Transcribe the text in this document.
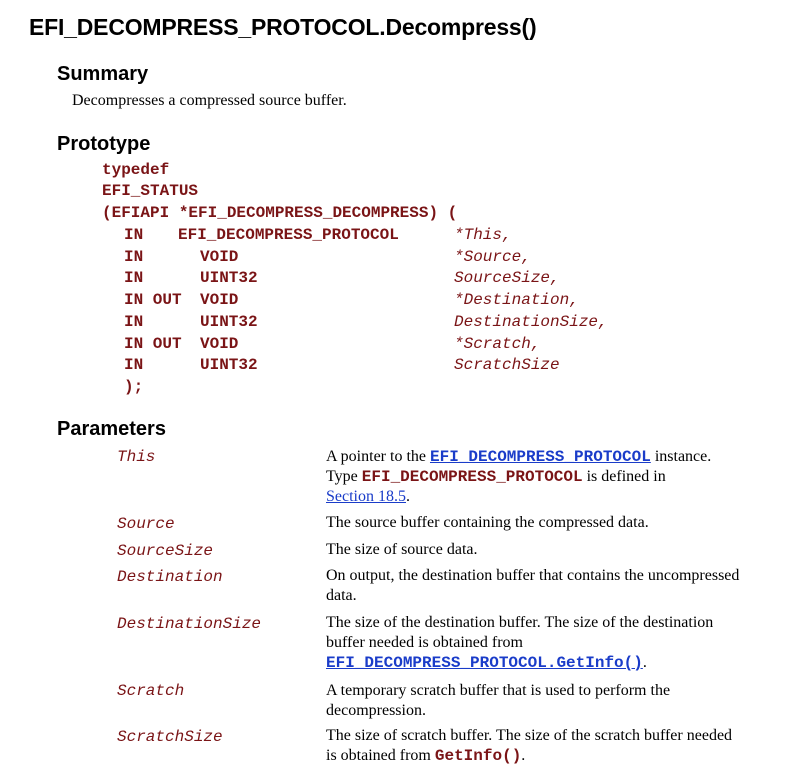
EFI_DECOMPRESS_PROTOCOL.Decompress()
Summary
Decompresses a compressed source buffer.
Prototype
typedef
EFI_STATUS
(EFIAPI *EFI_DECOMPRESS_DECOMPRESS) (
IN EFI_DECOMPRESS_PROTOCOL	*This,
IN	VOID	*Source,
IN	UINT32	SourceSize,
IN OUT VOID	*Destination,
IN	UINT32	DestinationSize,
IN OUT VOID	*Scratch,
IN	UINT32	ScratchSize
);
Parameters
This	A pointer to the EFI_DECOMPRESS_PROTOCOL instance.
Type EFI_DECOMPRESS_PROTOCOL is defined in
Section 18.5.
Source	The source buffer containing the compressed data.
SourceSize	The size of source data.
Destination	On output, the destination buffer that contains the uncompressed
data.
DestinationSize	The size of the destination buffer. The size of the destination
buffer needed is obtained from
EFI_DECOMPRESS_PROTOCOL.GetInfo().
Scratch	A temporary scratch buffer that is used to perform the
decompression.
ScratchSize	The size of scratch buffer. The size of the scratch buffer needed
is obtained from GetInfo().
